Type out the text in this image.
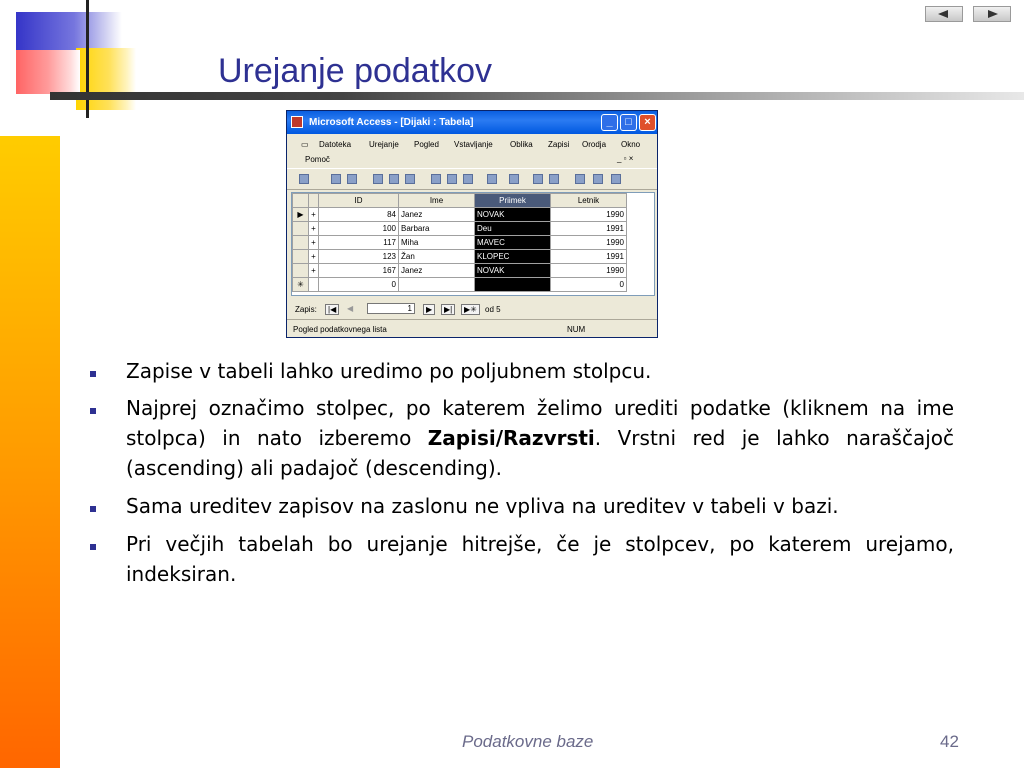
Urejanje podatkov
Microsoft Access - [Dijaki : Tabela]	_	□	×
▭ Datoteka Urejanje Pogled Vstavljanje Oblika Zapisi Orodja Okno
Pomoč	_ ▫ ×
		ID	Ime	Priimek	Letnik
▶	+	84	Janez	NOVAK	1990
	+	100	Barbara	Deu	1991
	+	117	Miha	MAVEC	1990
	+	123	Žan	KLOPEC	1991
	+	167	Janez	NOVAK	1990
✳		0			0
Zapis:	|◀	◀	1	▶	▶|	▶✳	od 5
Pogled podatkovnega lista	NUM
Zapise v tabeli lahko uredimo po poljubnem stolpcu.
Najprej označimo stolpec, po katerem želimo urediti podatke (kliknem na ime stolpca) in nato izberemo Zapisi/Razvrsti. Vrstni red je lahko naraščajoč (ascending) ali padajoč (descending).
Sama ureditev zapisov na zaslonu ne vpliva na ureditev v tabeli v bazi.
Pri večjih tabelah bo urejanje hitrejše, če je stolpcev, po katerem urejamo, indeksiran.
Podatkovne baze	42
